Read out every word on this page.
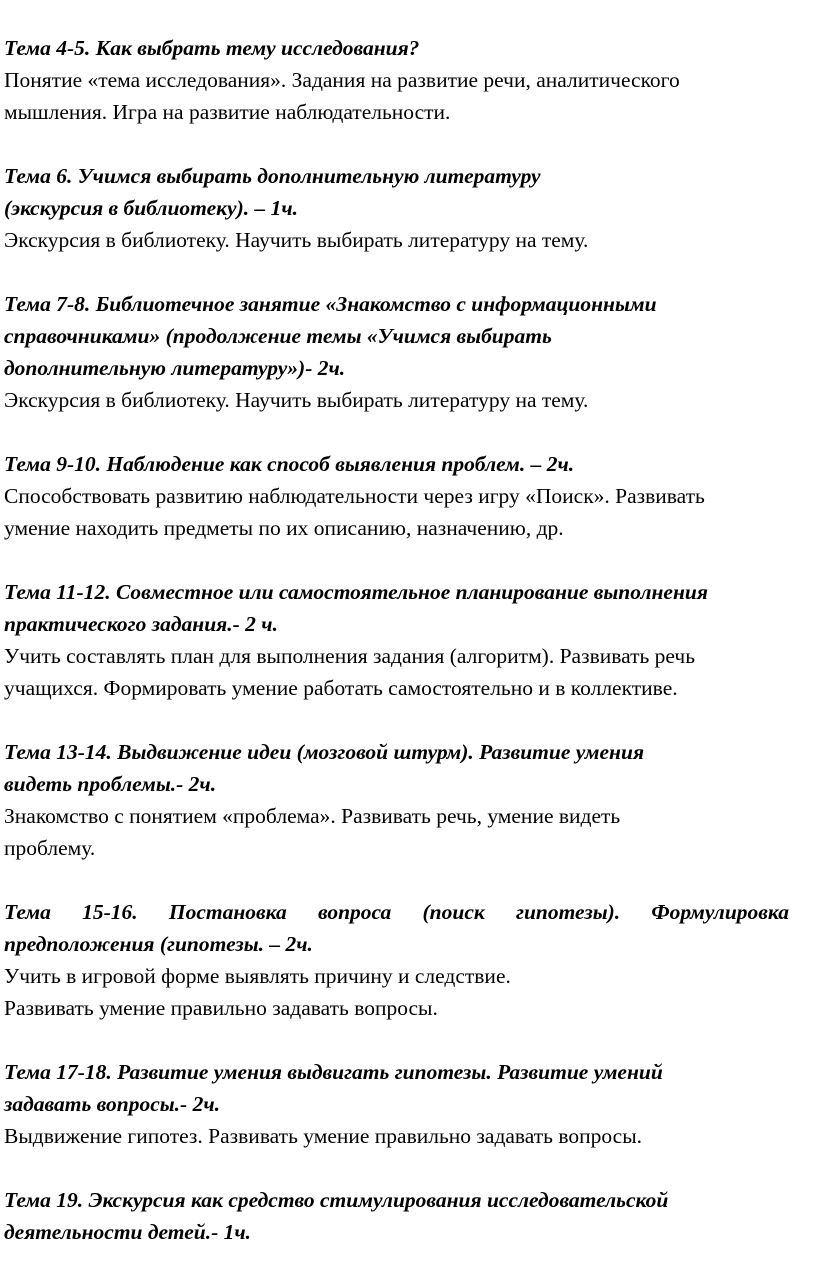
Тема 4-5. Как выбрать тему исследования?
Понятие «тема исследования». Задания на развитие речи, аналитического
мышления. Игра на развитие наблюдательности.
Тема 6. Учимся выбирать дополнительную литературу
(экскурсия в библиотеку). – 1ч.
Экскурсия в библиотеку. Научить выбирать литературу на тему.
Тема 7-8. Библиотечное занятие «Знакомство с информационными
справочниками» (продолжение темы «Учимся выбирать
дополнительную литературу»)- 2ч.
Экскурсия в библиотеку. Научить выбирать литературу на тему.
Тема 9-10. Наблюдение как способ выявления проблем. – 2ч.
Способствовать развитию наблюдательности через игру «Поиск». Развивать
умение находить предметы по их описанию, назначению, др.
Тема 11-12. Совместное или самостоятельное планирование выполнения
практического задания.- 2 ч.
Учить составлять план для выполнения задания (алгоритм). Развивать речь
учащихся. Формировать умение работать самостоятельно и в коллективе.
Тема 13-14. Выдвижение идеи (мозговой штурм). Развитие умения
видеть проблемы.- 2ч.
Знакомство с понятием «проблема». Развивать речь, умение видеть
проблему.
Тема 15-16. Постановка вопроса (поиск гипотезы). Формулировка
предположения (гипотезы. – 2ч.
Учить в игровой форме выявлять причину и следствие.
Развивать умение правильно задавать вопросы.
Тема 17-18. Развитие умения выдвигать гипотезы. Развитие умений
задавать вопросы.- 2ч.
Выдвижение гипотез. Развивать умение правильно задавать вопросы.
Тема 19. Экскурсия как средство стимулирования исследовательской
деятельности детей.- 1ч.
